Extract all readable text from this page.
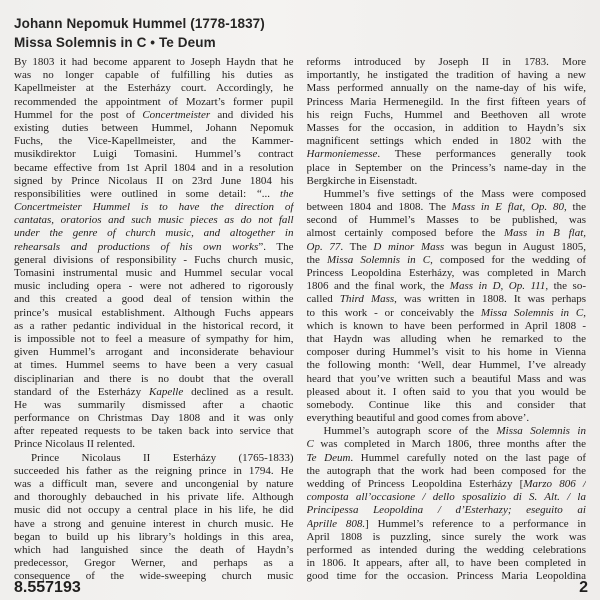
Johann Nepomuk Hummel (1778-1837)
Missa Solemnis in C • Te Deum
By 1803 it had become apparent to Joseph Haydn that he
was no longer capable of fulfilling his duties as
Kapellmeister at the Esterházy court. Accordingly, he
recommended the appointment of Mozart’s former pupil
Hummel for the post of Concertmeister and divided his
existing duties between Hummel, Johann Nepomuk
Fuchs, the Vice-Kapellmeister, and the Kammer-
musikdirektor Luigi Tomasini. Hummel’s contract
became effective from 1st April 1804 and in a resolution
signed by Prince Nicolaus II on 23rd June 1804 his
responsibilities were outlined in some detail: “... the
Concertmeister Hummel is to have the direction of
cantatas, oratorios and such music pieces as do not fall
under the genre of church music, and altogether in
rehearsals and productions of his own works”. The
general divisions of responsibility - Fuchs church music,
Tomasini instrumental music and Hummel secular vocal
music including opera - were not adhered to rigorously
and this created a good deal of tension within the
prince’s musical establishment. Although Fuchs appears
as a rather pedantic individual in the historical record, it
is impossible not to feel a measure of sympathy for him,
given Hummel’s arrogant and inconsiderate behaviour
at times. Hummel seems to have been a very casual
disciplinarian and there is no doubt that the overall
standard of the Esterházy Kapelle declined as a result.
He was summarily dismissed after a chaotic
performance on Christmas Day 1808 and it was only
after repeated requests to be taken back into service that
Prince Nicolaus II relented.
Prince Nicolaus II Esterházy (1765-1833)
succeeded his father as the reigning prince in 1794. He
was a difficult man, severe and uncongenial by nature
and thoroughly debauched in his private life. Although
music did not occupy a central place in his life, he did
have a strong and genuine interest in church music. He
began to build up his library’s holdings in this area,
which had languished since the death of Haydn’s
predecessor, Gregor Werner, and perhaps as a
consequence of the wide-sweeping church music
reforms introduced by Joseph II in 1783. More
importantly, he instigated the tradition of having a new
Mass performed annually on the name-day of his wife,
Princess Maria Hermenegild. In the first fifteen years of
his reign Fuchs, Hummel and Beethoven all wrote
Masses for the occasion, in addition to Haydn’s six
magnificent settings which ended in 1802 with the
Harmoniemesse. These performances generally took
place in September on the Princess’s name-day in the
Bergkirche in Eisenstadt.
Hummel’s five settings of the Mass were composed
between 1804 and 1808. The Mass in E flat, Op. 80, the
second of Hummel’s Masses to be published, was
almost certainly composed before the Mass in B flat,
Op. 77. The D minor Mass was begun in August 1805,
the Missa Solemnis in C, composed for the wedding of
Princess Leopoldina Esterházy, was completed in March
1806 and the final work, the Mass in D, Op. 111, the so-
called Third Mass, was written in 1808. It was perhaps
to this work - or conceivably the Missa Solemnis in C,
which is known to have been performed in April 1808 -
that Haydn was alluding when he remarked to the
composer during Hummel’s visit to his home in Vienna
the following month: ‘Well, dear Hummel, I’ve already
heard that you’ve written such a beautiful Mass and was
pleased about it. I often said to you that you would be
somebody. Continue like this and consider that
everything beautiful and good comes from above’.
Hummel’s autograph score of the Missa Solemnis in
C was completed in March 1806, three months after the
Te Deum. Hummel carefully noted on the last page of
the autograph that the work had been composed for the
wedding of Princess Leopoldina Esterházy [Marzo 806 /
composta all’occasione / dello sposalizio di S. Alt. / la
Principessa Leopoldina / d’Esterhazy; eseguito ai
Aprille 808.] Hummel’s reference to a performance in
April 1808 is puzzling, since surely the work was
performed as intended during the wedding celebrations
in 1806. It appears, after all, to have been completed in
good time for the occasion. Princess Maria Leopoldina
8.557193	2
